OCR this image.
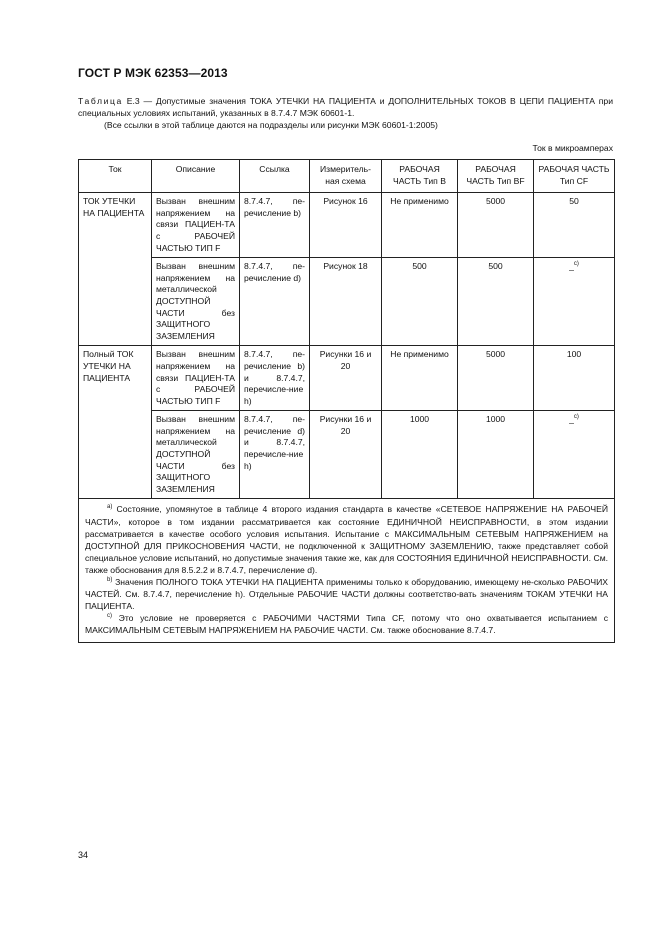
ГОСТ Р МЭК 62353—2013
Таблица Е.3 — Допустимые значения ТОКА УТЕЧКИ НА ПАЦИЕНТА и ДОПОЛНИТЕЛЬНЫХ ТОКОВ В ЦЕПИ ПАЦИЕНТА при специальных условиях испытаний, указанных в 8.7.4.7 МЭК 60601-1.
(Все ссылки в этой таблице даются на подразделы или рисунки МЭК 60601-1:2005)
Ток в микроамперах
Ток	Описание	Ссылка	Измеритель-ная схема	РАБОЧАЯ ЧАСТЬ Тип В	РАБОЧАЯ ЧАСТЬ Тип BF	РАБОЧАЯ ЧАСТЬ Тип CF
ТОК УТЕЧКИ НА ПАЦИЕНТА	Вызван внешним напряжением на связи ПАЦИЕН-ТА с РАБОЧЕЙ ЧАСТЬЮ ТИП F	8.7.4.7, пе-речисление b)	Рисунок 16	Не применимо	5000	50
	Вызван внешним напряжением на металлической ДОСТУПНОЙ ЧАСТИ без ЗАЩИТНОГО ЗАЗЕМЛЕНИЯ	8.7.4.7, пе-речисление d)	Рисунок 18	500	500	_$^{c)}$
Полный ТОК УТЕЧКИ НА ПАЦИЕНТА	Вызван внешним напряжением на связи ПАЦИЕН-ТА с РАБОЧЕЙ ЧАСТЬЮ ТИП F	8.7.4.7, пе-речисление b) и 8.7.4.7, перечисле-ние h)	Рисунки 16 и 20	Не применимо	5000	100
	Вызван внешним напряжением на металлической ДОСТУПНОЙ ЧАСТИ без ЗАЩИТНОГО ЗАЗЕМЛЕНИЯ	8.7.4.7, пе-речисление d) и 8.7.4.7, перечисле-ние h)	Рисунки 16 и 20	1000	1000	_$^{c)}$

$^{a)}$ Состояние, упомянутое в таблице 4 второго издания стандарта в качестве «СЕТЕВОЕ НАПРЯЖЕНИЕ НА РАБОЧЕЙ ЧАСТИ», которое в том издании рассматривается как состояние ЕДИНИЧНОЙ НЕИСПРАВНОСТИ, в этом издании рассматривается в качестве особого условия испытания. Испытание с МАКСИМАЛЬНЫМ СЕТЕВЫМ НАПРЯЖЕНИЕМ на ДОСТУПНОЙ ДЛЯ ПРИКОСНОВЕНИЯ ЧАСТИ, не подключенной к ЗАЩИТНОМУ ЗАЗЕМЛЕНИЮ, также представляет собой специальное условие испытаний, но допустимые значения такие же, как для СОСТОЯНИЯ ЕДИНИЧНОЙ НЕИСПРАВНОСТИ. См. также обоснования для 8.5.2.2 и 8.7.4.7, перечисление d).

$^{b)}$ Значения ПОЛНОГО ТОКА УТЕЧКИ НА ПАЦИЕНТА применимы только к оборудованию, имеющему не-сколько РАБОЧИХ ЧАСТЕЙ. См. 8.7.4.7, перечисление h). Отдельные РАБОЧИЕ ЧАСТИ должны соответство-вать значениям ТОКАМ УТЕЧКИ НА ПАЦИЕНТА.

$^{c)}$ Это условие не проверяется с РАБОЧИМИ ЧАСТЯМИ Типа CF, потому что оно охватывается испытанием с МАКСИМАЛЬНЫМ СЕТЕВЫМ НАПРЯЖЕНИЕМ НА РАБОЧИЕ ЧАСТИ. См. также обоснование 8.7.4.7.						

34
